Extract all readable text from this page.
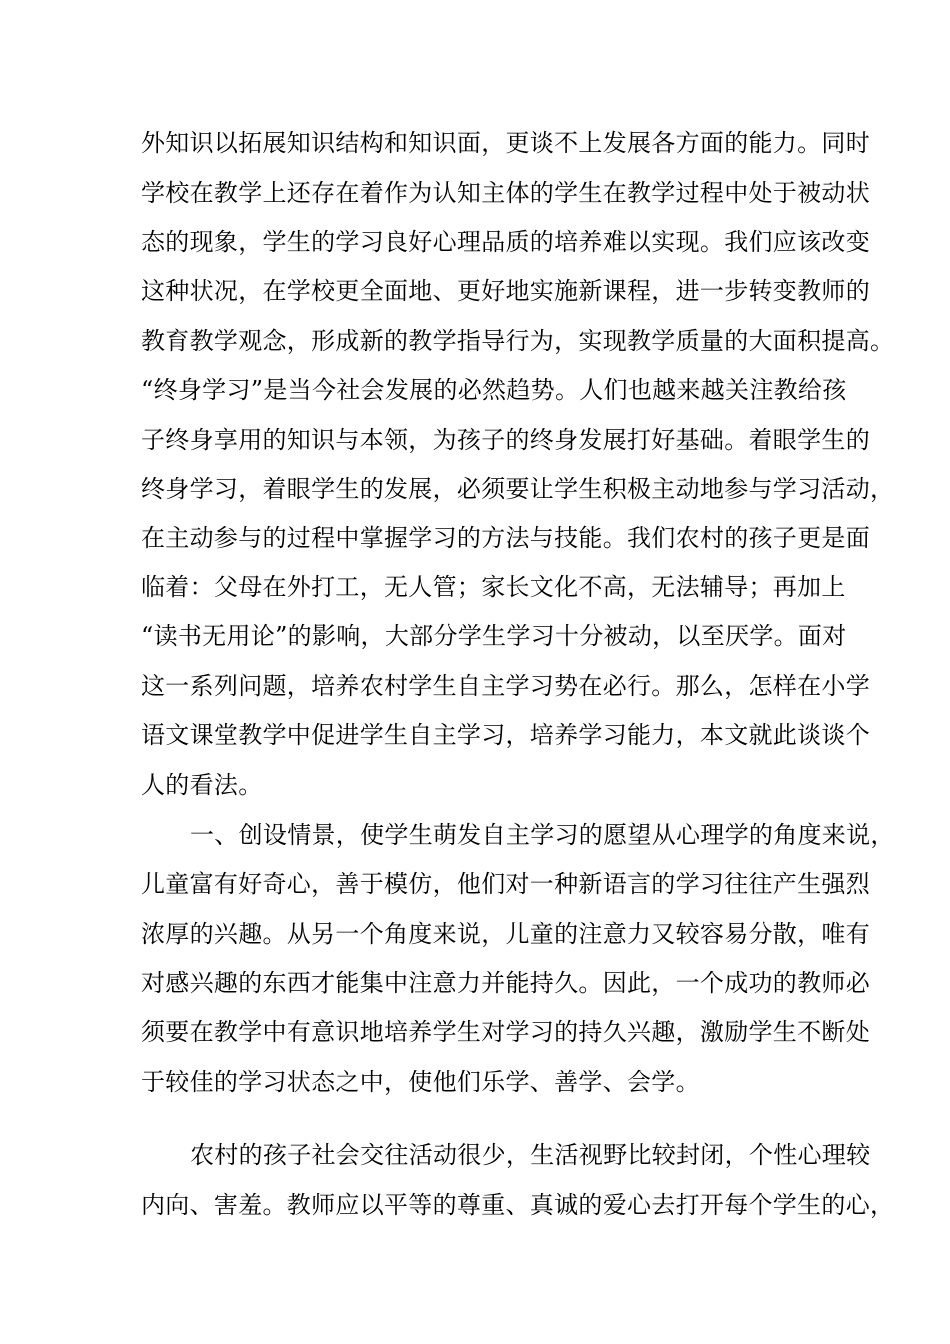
外知识以拓展知识结构和知识面，更谈不上发展各方面的能力。同时
学校在教学上还存在着作为认知主体的学生在教学过程中处于被动状
态的现象，学生的学习良好心理品质的培养难以实现。我们应该改变
这种状况，在学校更全面地、更好地实施新课程，进一步转变教师的
教育教学观念，形成新的教学指导行为，实现教学质量的大面积提高。
“终身学习”是当今社会发展的必然趋势。人们也越来越关注教给孩
子终身享用的知识与本领，为孩子的终身发展打好基础。着眼学生的
终身学习，着眼学生的发展，必须要让学生积极主动地参与学习活动，
在主动参与的过程中掌握学习的方法与技能。我们农村的孩子更是面
临着：父母在外打工，无人管；家长文化不高，无法辅导；再加上
“读书无用论”的影响，大部分学生学习十分被动，以至厌学。面对
这一系列问题，培养农村学生自主学习势在必行。那么，怎样在小学
语文课堂教学中促进学生自主学习，培养学习能力，本文就此谈谈个
人的看法。
一、创设情景，使学生萌发自主学习的愿望从心理学的角度来说，
儿童富有好奇心，善于模仿，他们对一种新语言的学习往往产生强烈
浓厚的兴趣。从另一个角度来说，儿童的注意力又较容易分散，唯有
对感兴趣的东西才能集中注意力并能持久。因此，一个成功的教师必
须要在教学中有意识地培养学生对学习的持久兴趣，激励学生不断处
于较佳的学习状态之中，使他们乐学、善学、会学。
农村的孩子社会交往活动很少，生活视野比较封闭，个性心理较
内向、害羞。教师应以平等的尊重、真诚的爱心去打开每个学生的心，
